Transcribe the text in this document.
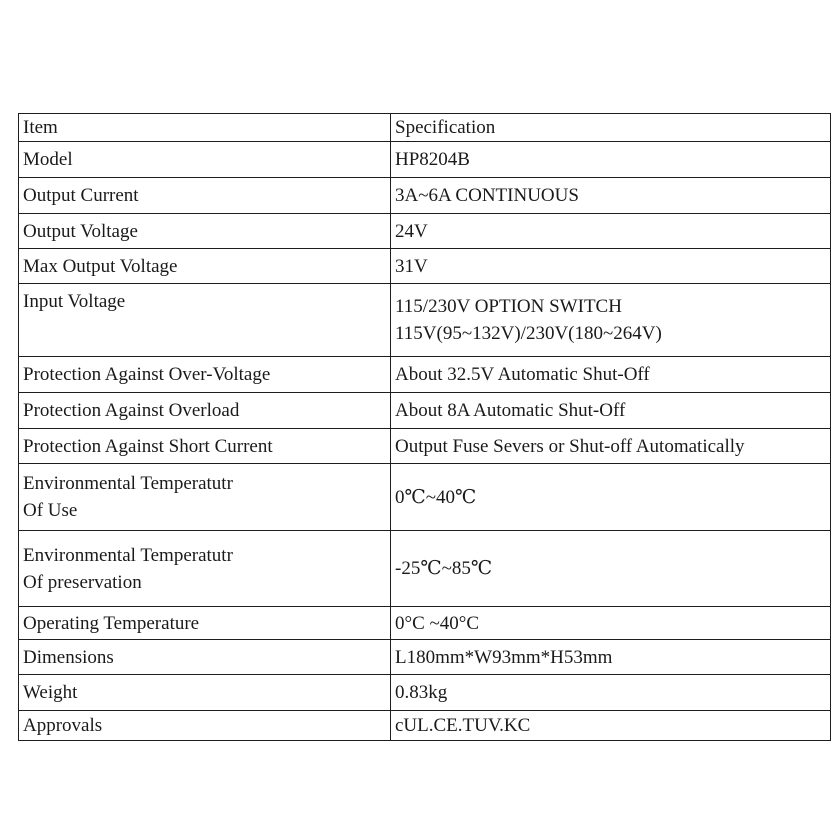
Item	Specification

Model	HP8204B

Output Current	3A~6A CONTINUOUS

Output Voltage	24V

Max Output Voltage	31V

Input Voltage	115/230V OPTION SWITCH
115V(95~132V)/230V(180~264V)

Protection Against Over-Voltage	About 32.5V Automatic Shut-Off

Protection Against Overload	About 8A Automatic Shut-Off

Protection Against Short Current	Output Fuse Severs or Shut-off Automatically

Environmental Temperatutr
Of Use	0℃~40℃

Environmental Temperatutr
Of preservation	-25℃~85℃

Operating Temperature	0°C ~40°C

Dimensions	L180mm*W93mm*H53mm

Weight	0.83kg

Approvals	cUL.CE.TUV.KC
